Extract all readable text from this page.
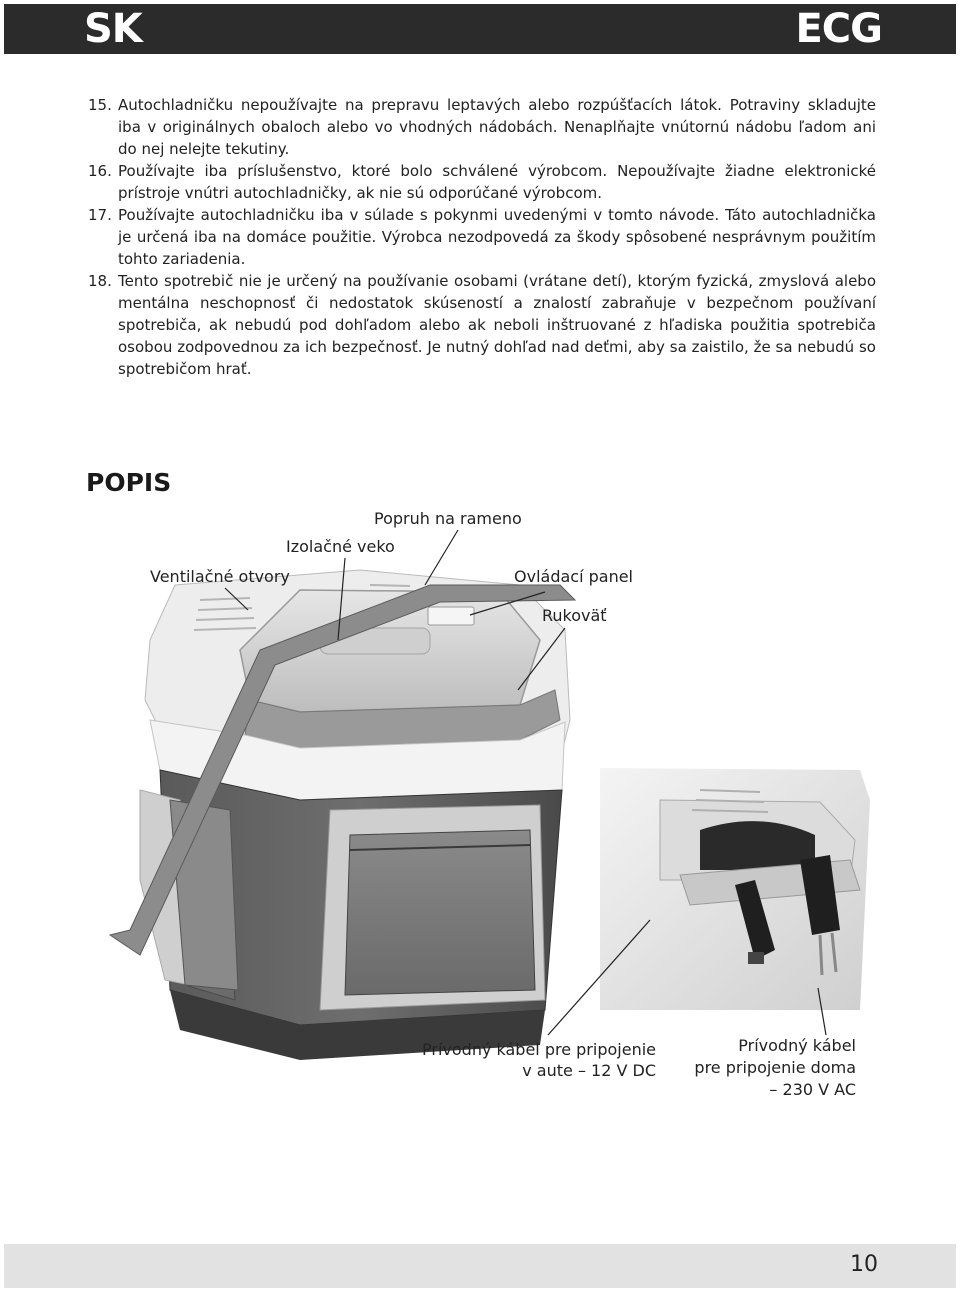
SK	ECG

15. Autochladničku nepoužívajte na prepravu leptavých alebo rozpúšťacích látok. Potraviny skladujte iba v originálnych obaloch alebo vo vhodných nádobách. Nenaplňajte vnútornú nádobu ľadom ani do nej nelejte tekutiny.

16. Používajte iba príslušenstvo, ktoré bolo schválené výrobcom. Nepoužívajte žiadne elektronické prístroje vnútri autochladničky, ak nie sú odporúčané výrobcom.

17. Používajte autochladničku iba v súlade s pokynmi uvedenými v tomto návode. Táto autochladnička je určená iba na domáce použitie. Výrobca nezodpovedá za škody spôsobené nesprávnym použitím tohto zariadenia.

18. Tento spotrebič nie je určený na používanie osobami (vrátane detí), ktorým fyzická, zmyslová alebo mentálna neschopnosť či nedostatok skúseností a znalostí zabraňuje v bezpečnom používaní spotrebiča, ak nebudú pod dohľadom alebo ak neboli inštruované z hľadiska použitia spotrebiča osobou zodpovednou za ich bezpečnosť. Je nutný dohľad nad deťmi, aby sa zaistilo, že sa nebudú so spotrebičom hrať.

POPIS
Popruh na rameno
Izolačné veko
Ventilačné otvory	Ovládací panel
Rukoväť
Prívodný kábel pre pripojenie
v aute – 12 V DC
Prívodný kábel
pre pripojenie doma
– 230 V AC
10
